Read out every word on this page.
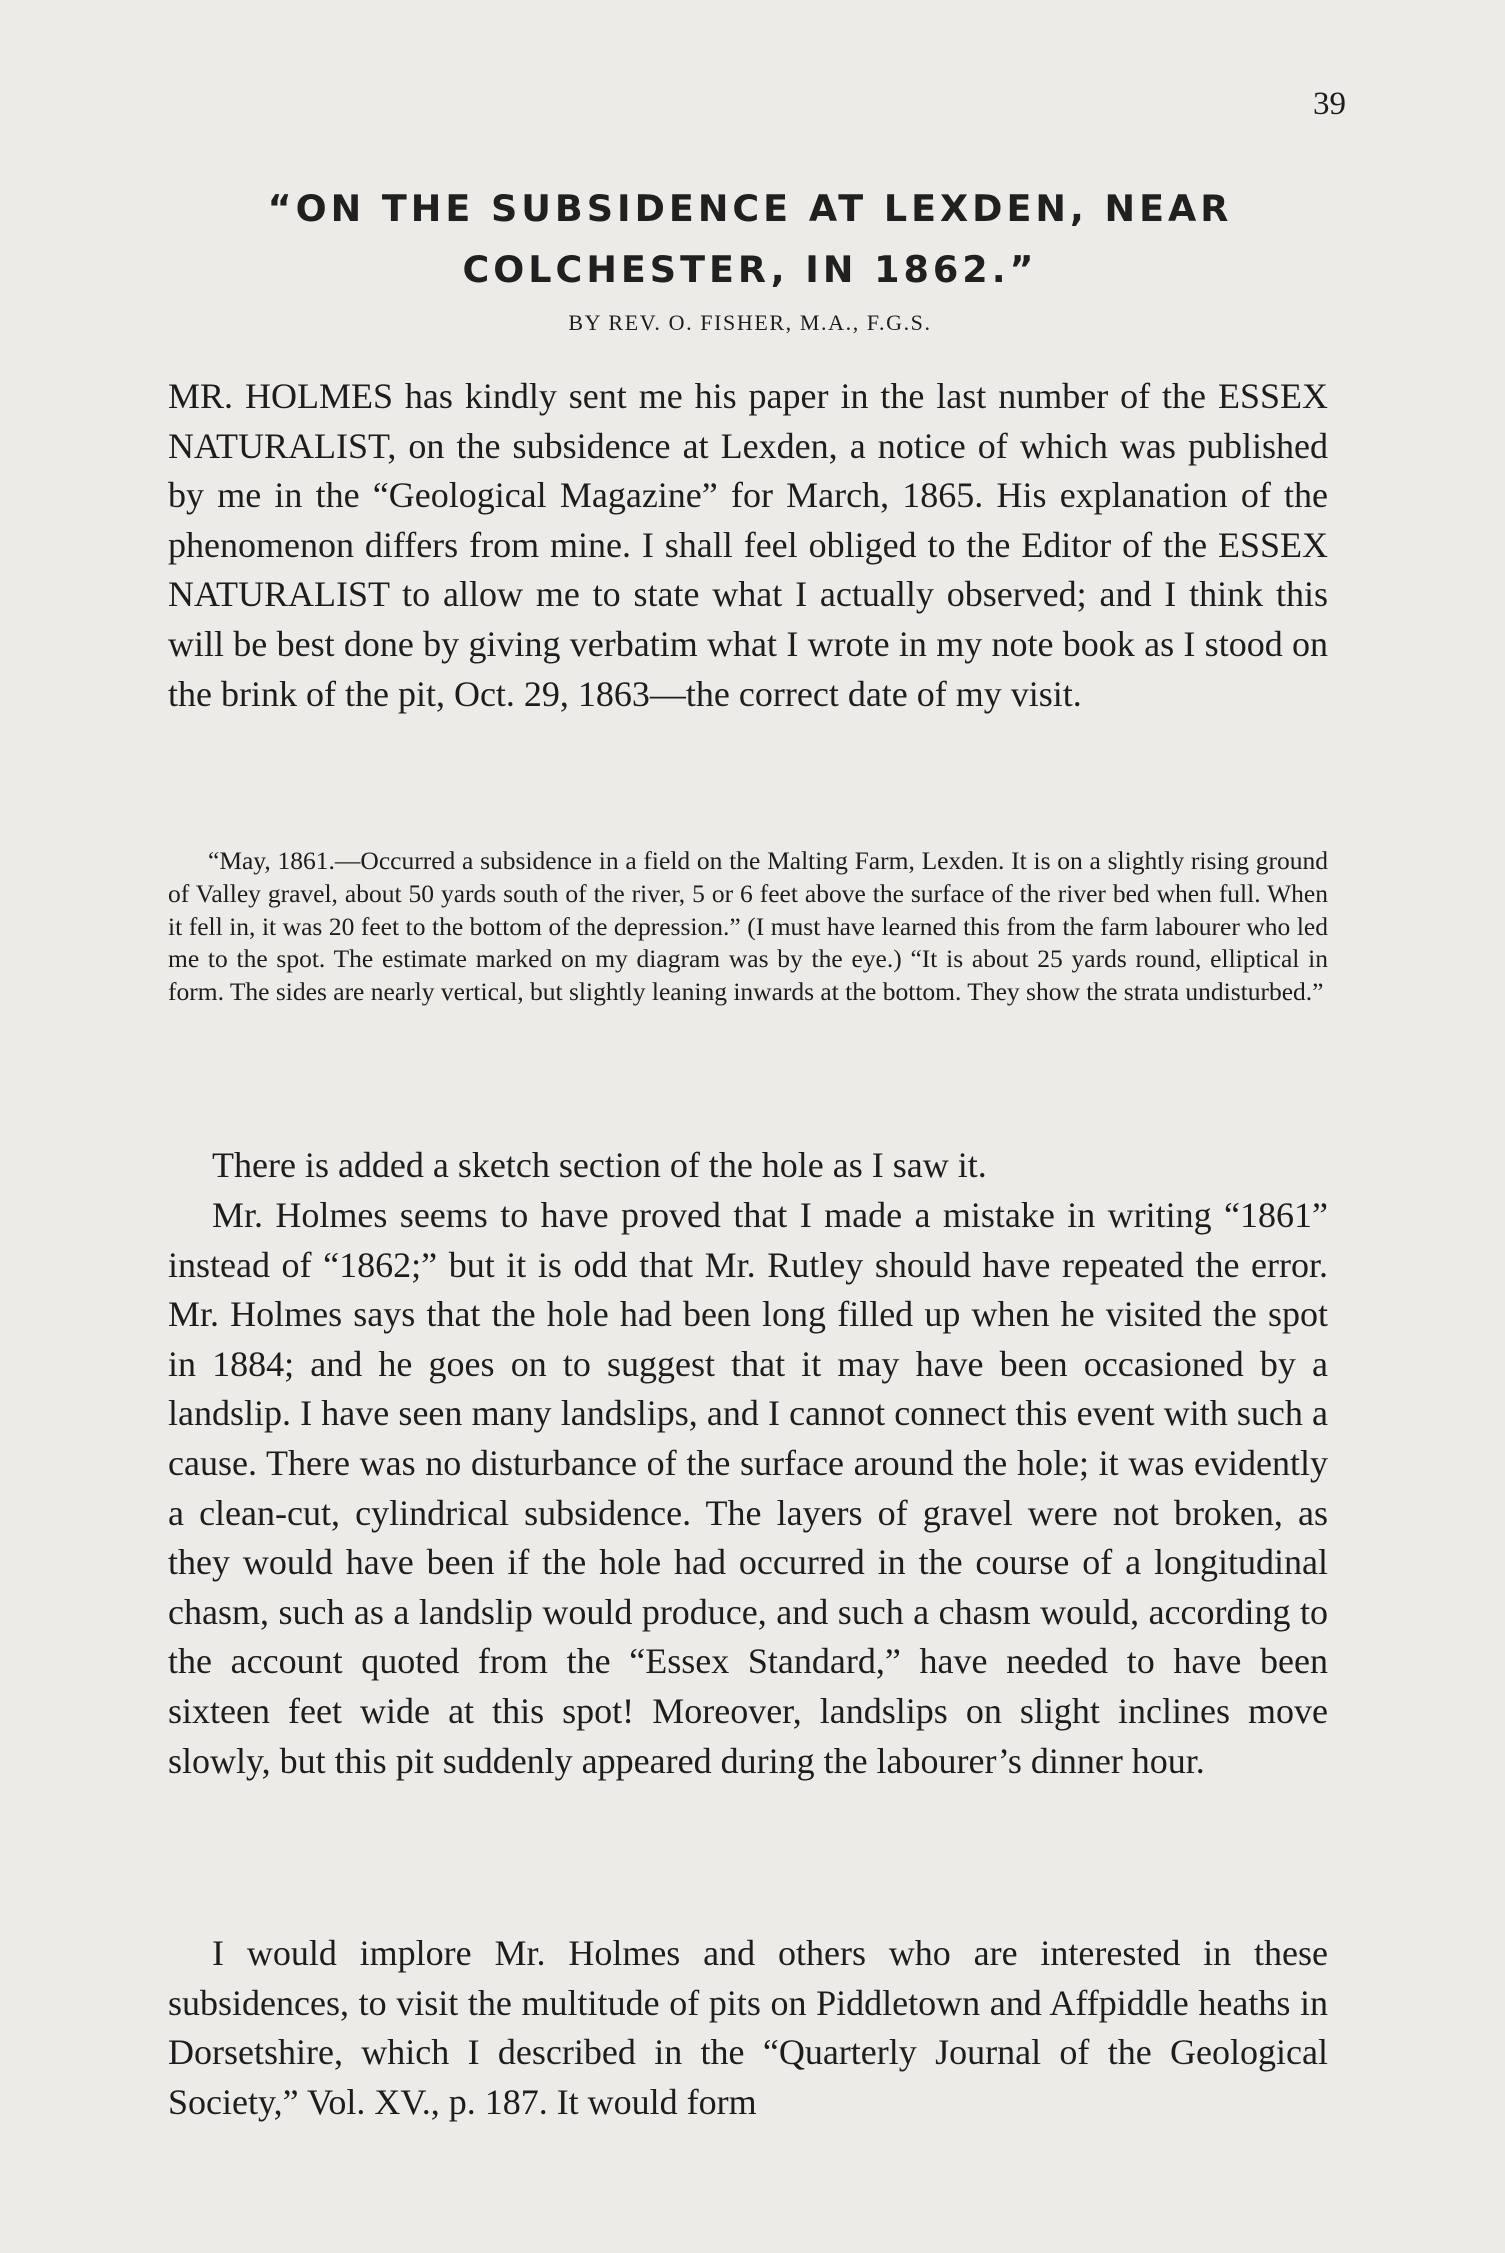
39
“ON THE SUBSIDENCE AT LEXDEN, NEAR
COLCHESTER, IN 1862.”
BY REV. O. FISHER, M.A., F.G.S.

MR. HOLMES has kindly sent me his paper in the last number of the ESSEX NATURALIST, on the subsidence at Lexden, a notice of which was published by me in the “Geological Magazine” for March, 1865. His explanation of the phenomenon differs from mine. I shall feel obliged to the Editor of the ESSEX NATURALIST to allow me to state what I actually observed; and I think this will be best done by giving verbatim what I wrote in my note book as I stood on the brink of the pit, Oct. 29, 1863—the correct date of my visit.

“May, 1861.—Occurred a subsidence in a field on the Malting Farm, Lexden. It is on a slightly rising ground of Valley gravel, about 50 yards south of the river, 5 or 6 feet above the surface of the river bed when full. When it fell in, it was 20 feet to the bottom of the depression.” (I must have learned this from the farm labourer who led me to the spot. The estimate marked on my diagram was by the eye.) “It is about 25 yards round, elliptical in form. The sides are nearly vertical, but slightly leaning inwards at the bottom. They show the strata undisturbed.”

There is added a sketch section of the hole as I saw it.

Mr. Holmes seems to have proved that I made a mistake in writing “1861” instead of “1862;” but it is odd that Mr. Rutley should have repeated the error. Mr. Holmes says that the hole had been long filled up when he visited the spot in 1884; and he goes on to suggest that it may have been occasioned by a landslip. I have seen many landslips, and I cannot connect this event with such a cause. There was no disturbance of the surface around the hole; it was evidently a clean-cut, cylindrical subsidence. The layers of gravel were not broken, as they would have been if the hole had occurred in the course of a longitudinal chasm, such as a landslip would produce, and such a chasm would, according to the account quoted from the “Essex Standard,” have needed to have been sixteen feet wide at this spot! Moreover, landslips on slight inclines move slowly, but this pit suddenly appeared during the labourer’s dinner hour.

I would implore Mr. Holmes and others who are interested in these subsidences, to visit the multitude of pits on Piddletown and Affpiddle heaths in Dorsetshire, which I described in the “Quarterly Journal of the Geological Society,” Vol. XV., p. 187. It would form
